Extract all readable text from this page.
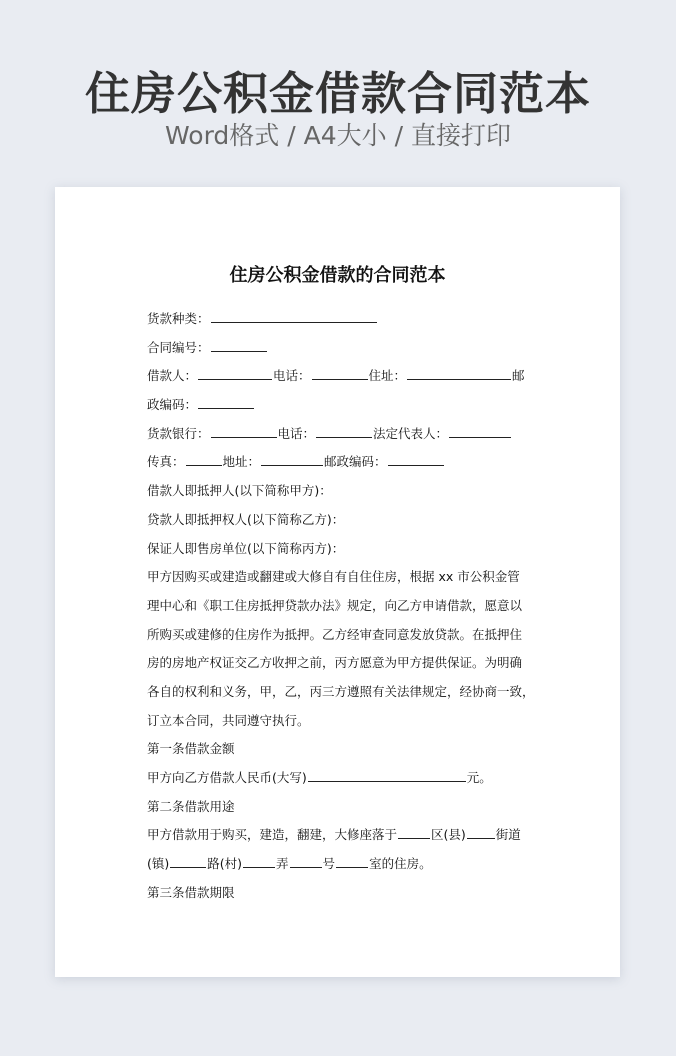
住房公积金借款合同范本
Word格式 / A4大小 / 直接打印
住房公积金借款的合同范本
货款种类：
合同编号：
借款人：	电话：	住址：	邮
政编码：
货款银行：	电话：	法定代表人：
传真：	地址：	邮政编码：
借款人即抵押人(以下简称甲方)：
贷款人即抵押权人(以下简称乙方)：
保证人即售房单位(以下简称丙方)：
甲方因购买或建造或翻建或大修自有自住住房，根据 xx 市公积金管
理中心和《职工住房抵押贷款办法》规定，向乙方申请借款，愿意以
所购买或建修的住房作为抵押。乙方经审查同意发放贷款。在抵押住
房的房地产权证交乙方收押之前，丙方愿意为甲方提供保证。为明确
各自的权利和义务，甲，乙，丙三方遵照有关法律规定，经协商一致，
订立本合同，共同遵守执行。
第一条借款金额
甲方向乙方借款人民币(大写)	元。
第二条借款用途
甲方借款用于购买，建造，翻建，大修座落于	区(县) 街道
(镇)	路(村)	弄	号	室的住房。
第三条借款期限
